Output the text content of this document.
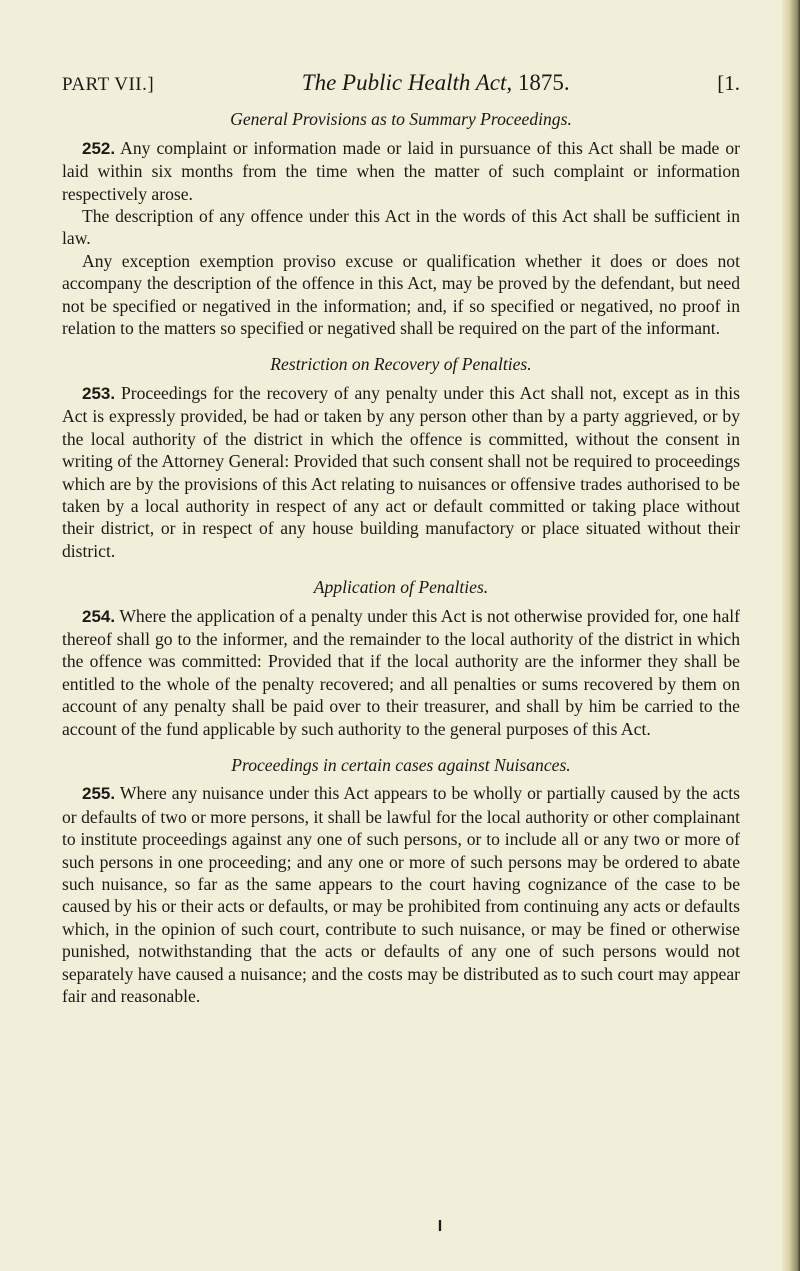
PART VII.]	The Public Health Act, 1875.	[1.
General Provisions as to Summary Proceedings.

252. Any complaint or information made or laid in pursuance of this Act shall be made or laid within six months from the time when the matter of such complaint or information respectively arose.

The description of any offence under this Act in the words of this Act shall be sufficient in law.

Any exception exemption proviso excuse or qualification whether it does or does not accompany the description of the offence in this Act, may be proved by the defendant, but need not be specified or negatived in the information; and, if so specified or negatived, no proof in relation to the matters so specified or negatived shall be required on the part of the informant.

Restriction on Recovery of Penalties.

253. Proceedings for the recovery of any penalty under this Act shall not, except as in this Act is expressly provided, be had or taken by any person other than by a party aggrieved, or by the local authority of the district in which the offence is committed, without the consent in writing of the Attorney General: Provided that such consent shall not be required to proceedings which are by the provisions of this Act relating to nuisances or offensive trades authorised to be taken by a local authority in respect of any act or default committed or taking place without their district, or in respect of any house building manufactory or place situated without their district.

Application of Penalties.

254. Where the application of a penalty under this Act is not otherwise provided for, one half thereof shall go to the informer, and the remainder to the local authority of the district in which the offence was committed: Provided that if the local authority are the informer they shall be entitled to the whole of the penalty recovered; and all penalties or sums recovered by them on account of any penalty shall be paid over to their treasurer, and shall by him be carried to the account of the fund applicable by such authority to the general purposes of this Act.

Proceedings in certain cases against Nuisances.

255. Where any nuisance under this Act appears to be wholly or partially caused by the acts or defaults of two or more persons, it shall be lawful for the local authority or other complainant to institute proceedings against any one of such persons, or to include all or any two or more of such persons in one proceeding; and any one or more of such persons may be ordered to abate such nuisance, so far as the same appears to the court having cognizance of the case to be caused by his or their acts or defaults, or may be prohibited from continuing any acts or defaults which, in the opinion of such court, contribute to such nuisance, or may be fined or otherwise punished, notwithstanding that the acts or defaults of any one of such persons would not separately have caused a nuisance; and the costs may be distributed as to such court may appear fair and reasonable.

I
